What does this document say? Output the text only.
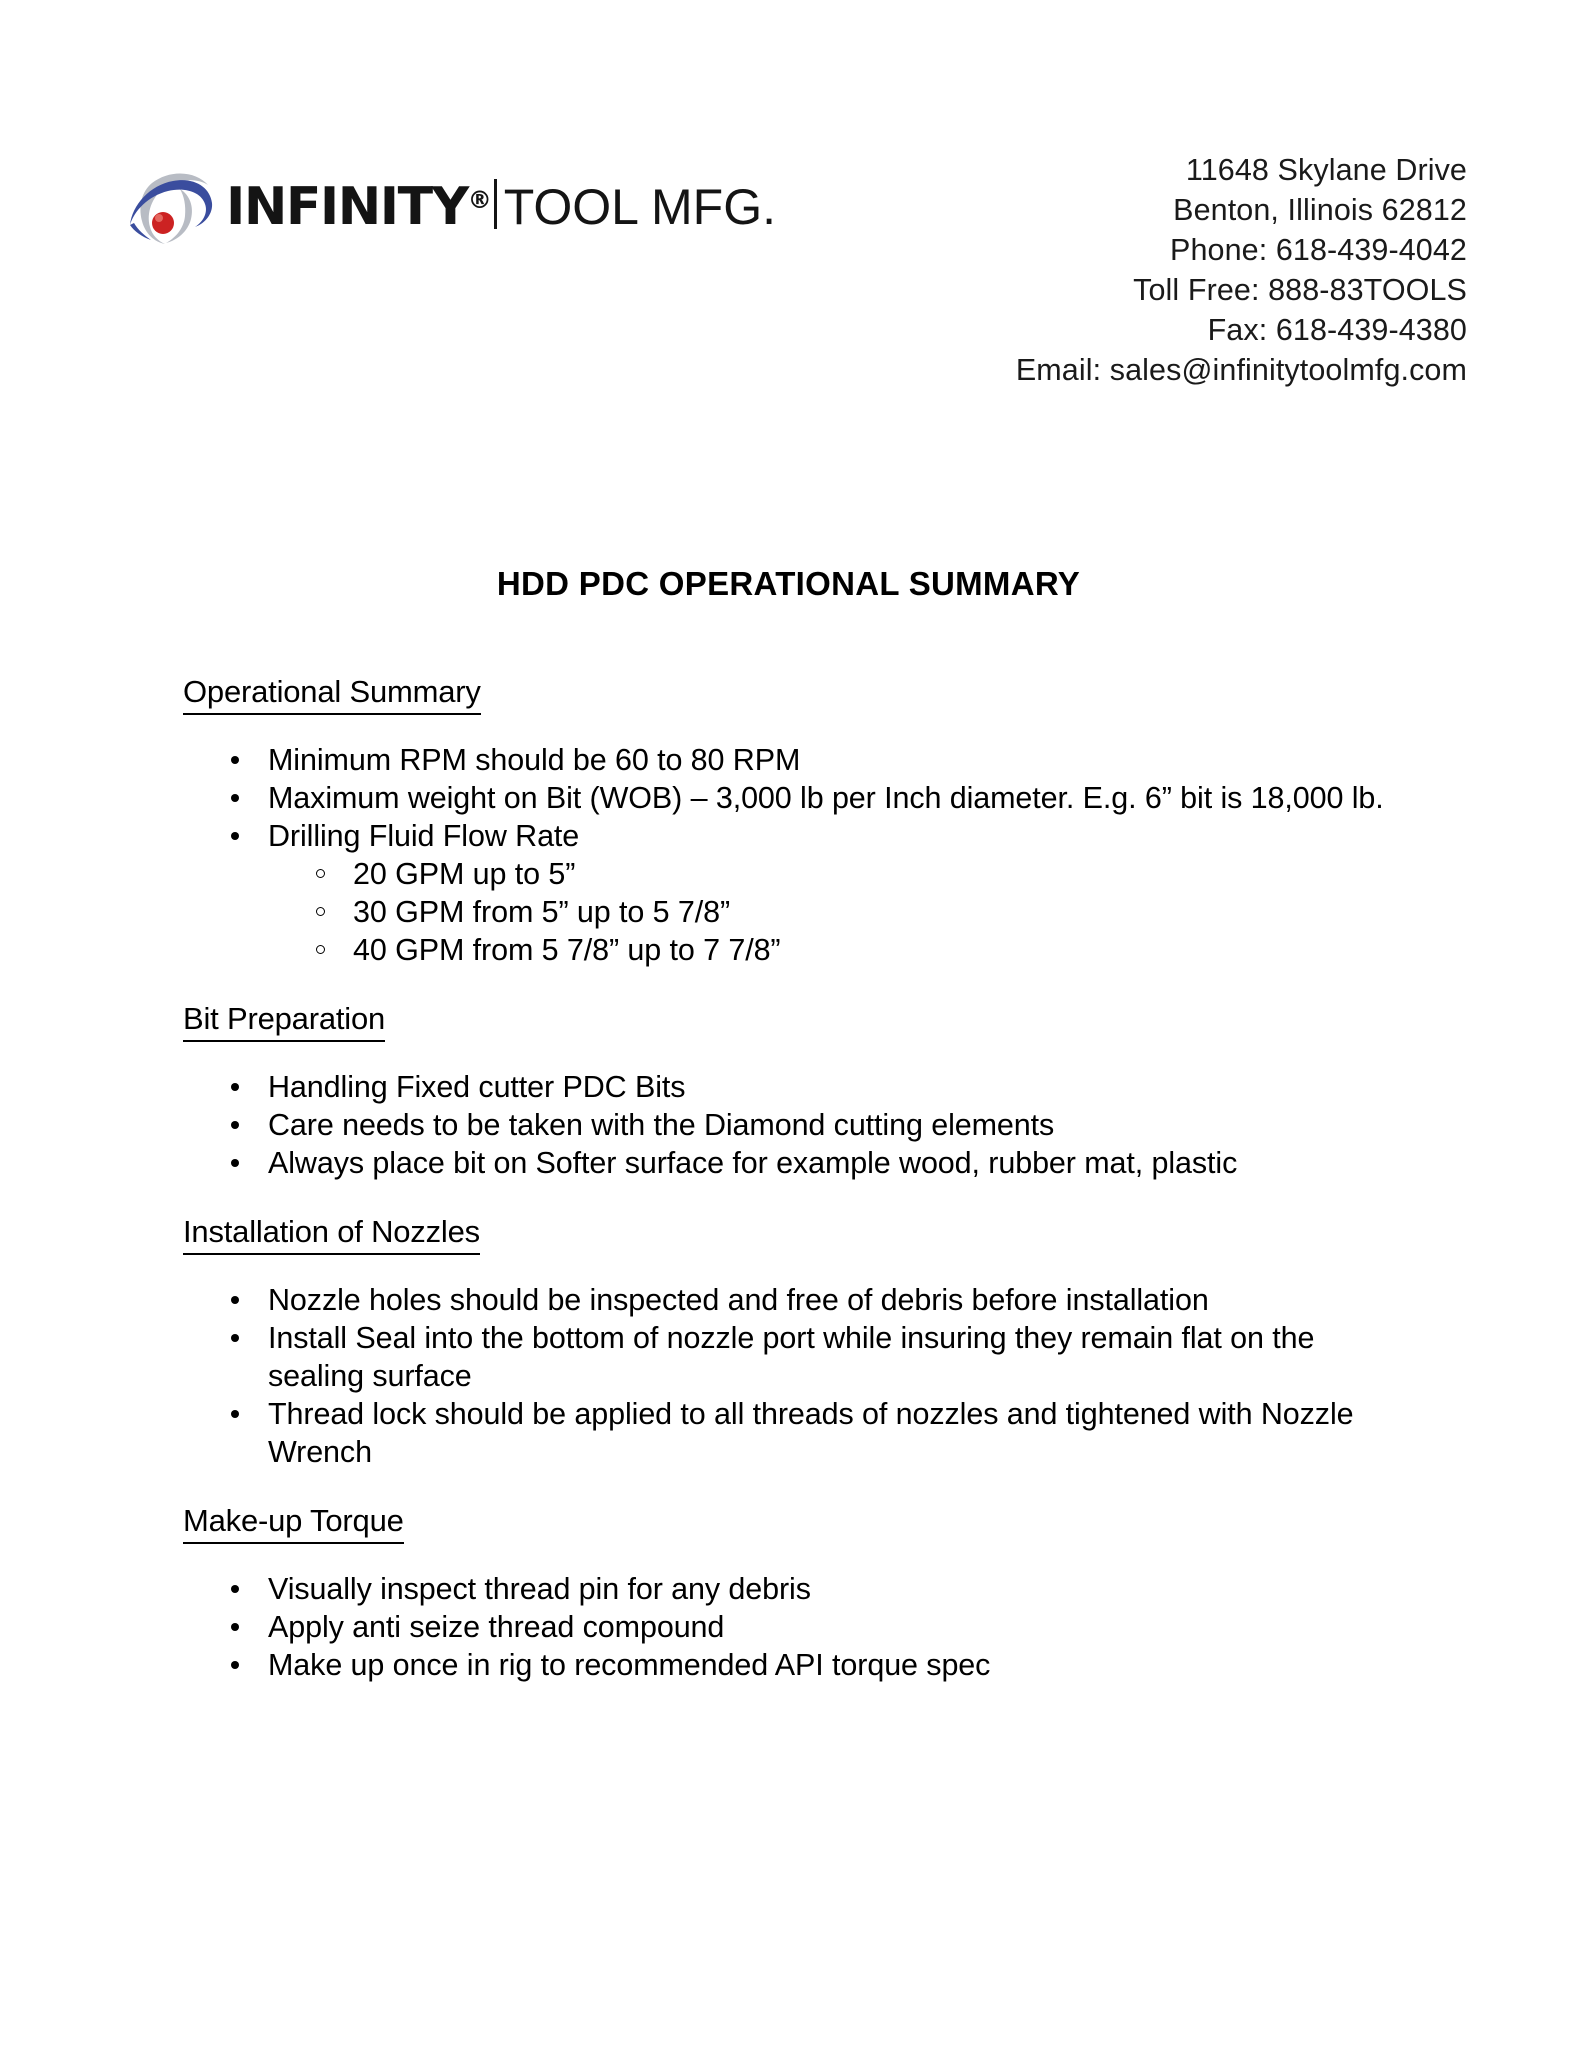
INFINITY ® TOOL MFG.
11648 Skylane Drive
Benton, Illinois 62812
Phone: 618-439-4042
Toll Free: 888-83TOOLS
Fax: 618-439-4380
Email: sales@infinitytoolmfg.com
HDD PDC OPERATIONAL SUMMARY
Operational Summary
Minimum RPM should be 60 to 80 RPM
Maximum weight on Bit (WOB) – 3,000 lb per Inch diameter. E.g. 6” bit is 18,000 lb.
Drilling Fluid Flow Rate
20 GPM up to 5”
30 GPM from 5” up to 5 7/8”
40 GPM from 5 7/8” up to 7 7/8”
Bit Preparation
Handling Fixed cutter PDC Bits
Care needs to be taken with the Diamond cutting elements
Always place bit on Softer surface for example wood, rubber mat, plastic
Installation of Nozzles
Nozzle holes should be inspected and free of debris before installation
Install Seal into the bottom of nozzle port while insuring they remain flat on the sealing surface
Thread lock should be applied to all threads of nozzles and tightened with Nozzle Wrench
Make-up Torque
Visually inspect thread pin for any debris
Apply anti seize thread compound
Make up once in rig to recommended API torque spec
